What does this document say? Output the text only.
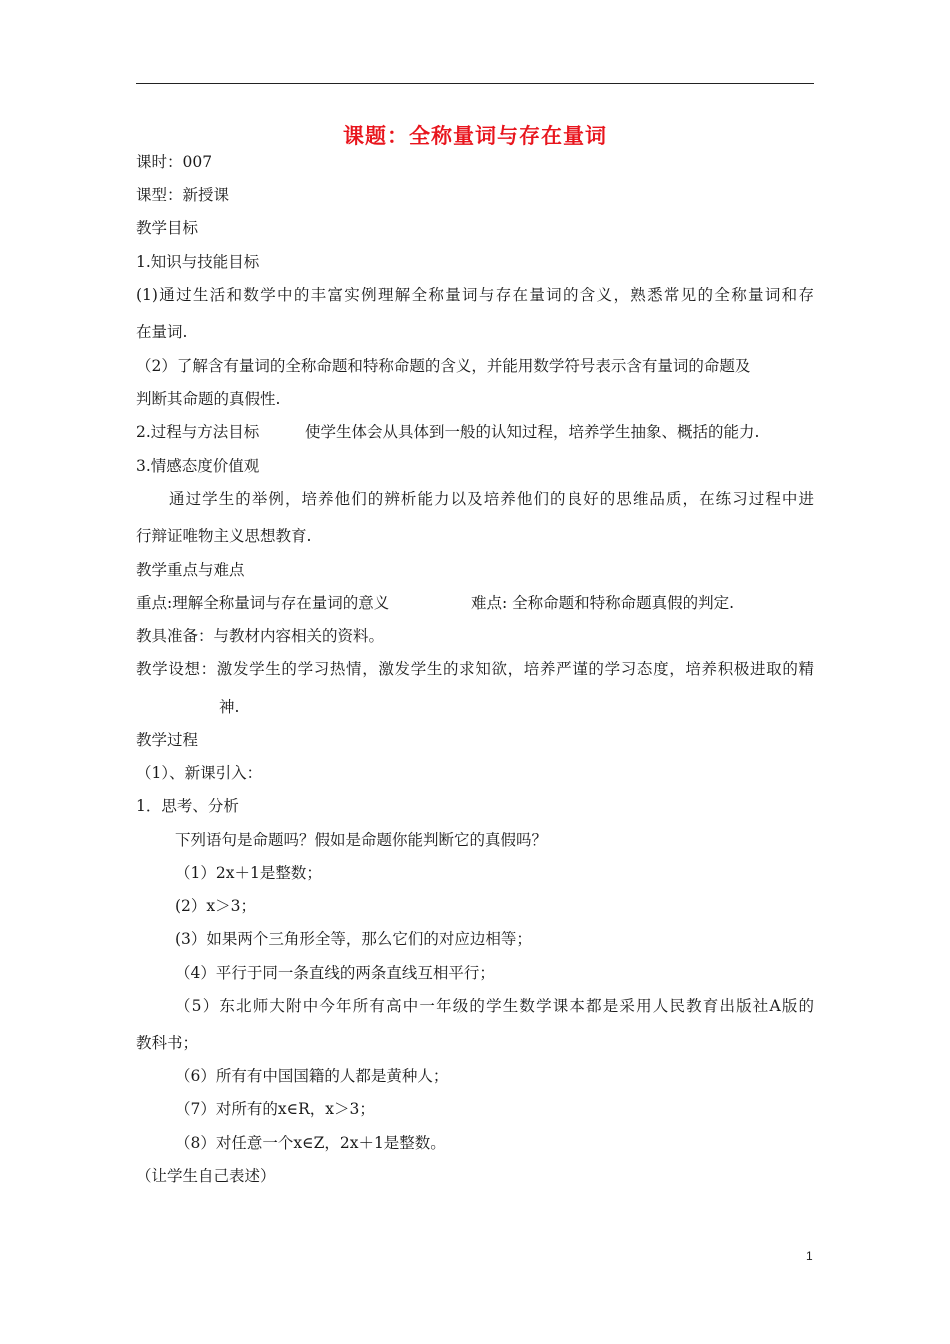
课题：全称量词与存在量词
课时：007
课型：新授课
教学目标
1.知识与技能目标
(1)通过生活和数学中的丰富实例理解全称量词与存在量词的含义，熟悉常见的全称量词和存
在量词.
（2）了解含有量词的全称命题和特称命题的含义，并能用数学符号表示含有量词的命题及
判断其命题的真假性.
2.过程与方法目标	使学生体会从具体到一般的认知过程，培养学生抽象、概括的能力.
3.情感态度价值观
通过学生的举例，培养他们的辨析能力以及培养他们的良好的思维品质，在练习过程中进
行辩证唯物主义思想教育.
教学重点与难点
重点:理解全称量词与存在量词的意义	难点: 全称命题和特称命题真假的判定.
教具准备：与教材内容相关的资料。
教学设想：激发学生的学习热情，激发学生的求知欲，培养严谨的学习态度，培养积极进取的精
神.
教学过程
（1）、新课引入：
1．思考、分析
下列语句是命题吗？假如是命题你能判断它的真假吗？
（1）2x＋1是整数；
(2）x＞3；
(3）如果两个三角形全等，那么它们的对应边相等；
（4）平行于同一条直线的两条直线互相平行；
（5）东北师大附中今年所有高中一年级的学生数学课本都是采用人民教育出版社A版的
教科书；
（6）所有有中国国籍的人都是黄种人；
（7）对所有的x∈R，x＞3；
（8）对任意一个x∈Z，2x＋1是整数。
（让学生自己表述）
1
